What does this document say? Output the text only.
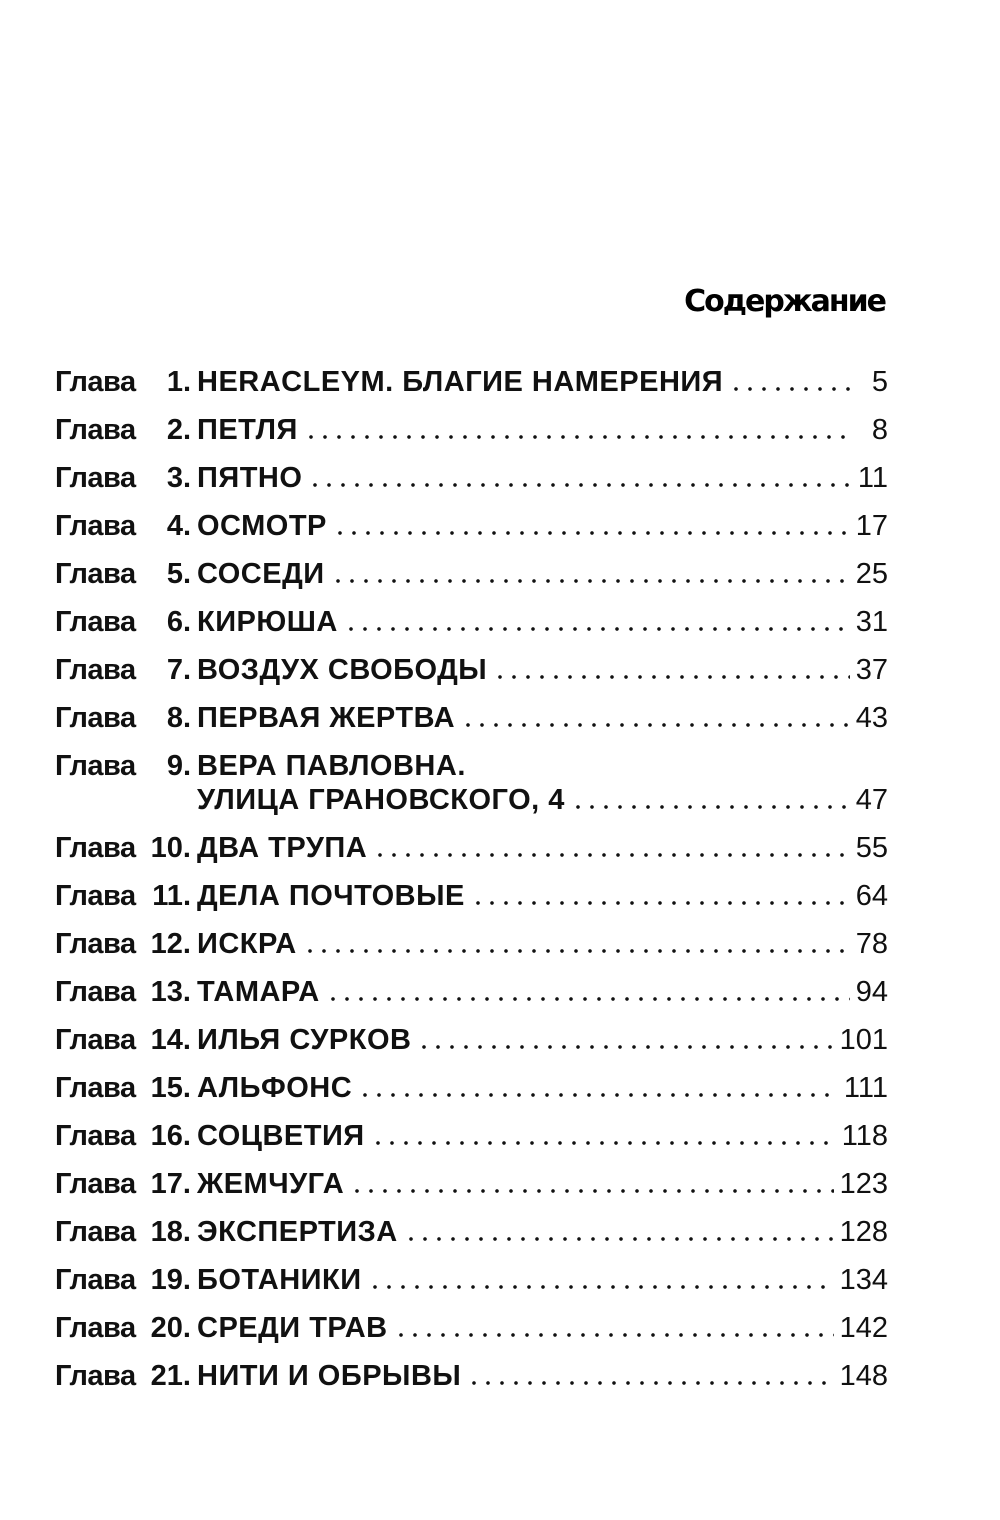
Содержание
Глава	1. HERACLEYM. БЛАГИЕ НАМЕРЕНИЯ	5
Глава	2. ПЕТЛЯ	8
Глава	3. ПЯТНО	11
Глава	4. ОСМОТР	17
Глава	5. СОСЕДИ	25
Глава	6. КИРЮША	31
Глава	7. ВОЗДУХ СВОБОДЫ	37
Глава	8. ПЕРВАЯ ЖЕРТВА	43
Глава	9. ВЕРА ПАВЛОВНА.
УЛИЦА ГРАНОВСКОГО, 4	47
Глава 10. ДВА ТРУПА	55
Глава 11. ДЕЛА ПОЧТОВЫЕ	64
Глава 12. ИСКРА	78
Глава 13. ТАМАРА	94
Глава 14. ИЛЬЯ СУРКОВ	101
Глава 15. АЛЬФОНС	111
Глава 16. СОЦВЕТИЯ	118
Глава 17. ЖЕМЧУГА	123
Глава 18. ЭКСПЕРТИЗА	128
Глава 19. БОТАНИКИ	134
Глава 20. СРЕДИ ТРАВ	142
Глава 21. НИТИ И ОБРЫВЫ	148
